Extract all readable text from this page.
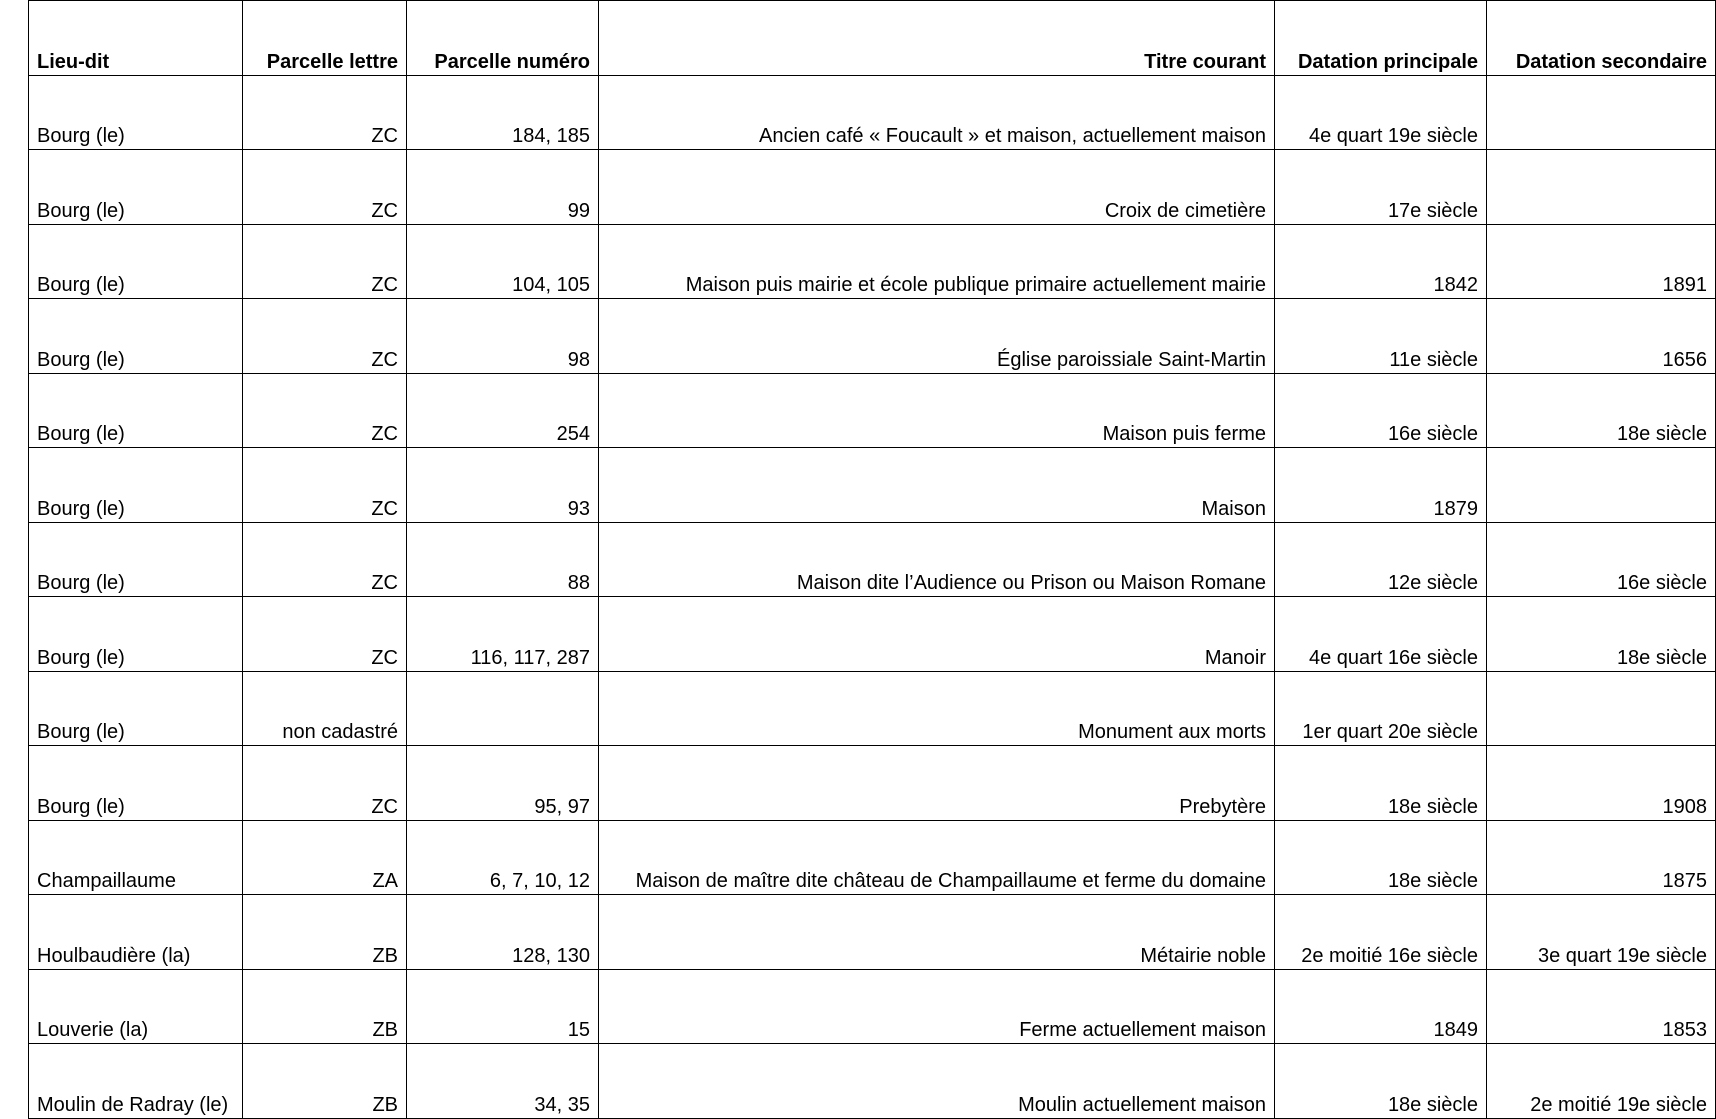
Lieu-dit	Parcelle lettre	Parcelle numéro	Titre courant	Datation principale	Datation secondaire
Bourg (le)	ZC	184, 185	Ancien café « Foucault » et maison, actuellement maison	4e quart 19e siècle	
Bourg (le)	ZC	99	Croix de cimetière	17e siècle	
Bourg (le)	ZC	104, 105	Maison puis mairie et école publique primaire actuellement mairie	1842	1891
Bourg (le)	ZC	98	Église paroissiale Saint-Martin	11e siècle	1656
Bourg (le)	ZC	254	Maison puis ferme	16e siècle	18e siècle
Bourg (le)	ZC	93	Maison	1879	
Bourg (le)	ZC	88	Maison dite l’Audience ou Prison ou Maison Romane	12e siècle	16e siècle
Bourg (le)	ZC	116, 117, 287	Manoir	4e quart 16e siècle	18e siècle
Bourg (le)	non cadastré		Monument aux morts	1er quart 20e siècle	
Bourg (le)	ZC	95, 97	Prebytère	18e siècle	1908
Champaillaume	ZA	6, 7, 10, 12	Maison de maître dite château de Champaillaume et ferme du domaine	18e siècle	1875
Houlbaudière (la)	ZB	128, 130	Métairie noble	2e moitié 16e siècle	3e quart 19e siècle
Louverie (la)	ZB	15	Ferme actuellement maison	1849	1853
Moulin de Radray (le)	ZB	34, 35	Moulin actuellement maison	18e siècle	2e moitié 19e siècle
